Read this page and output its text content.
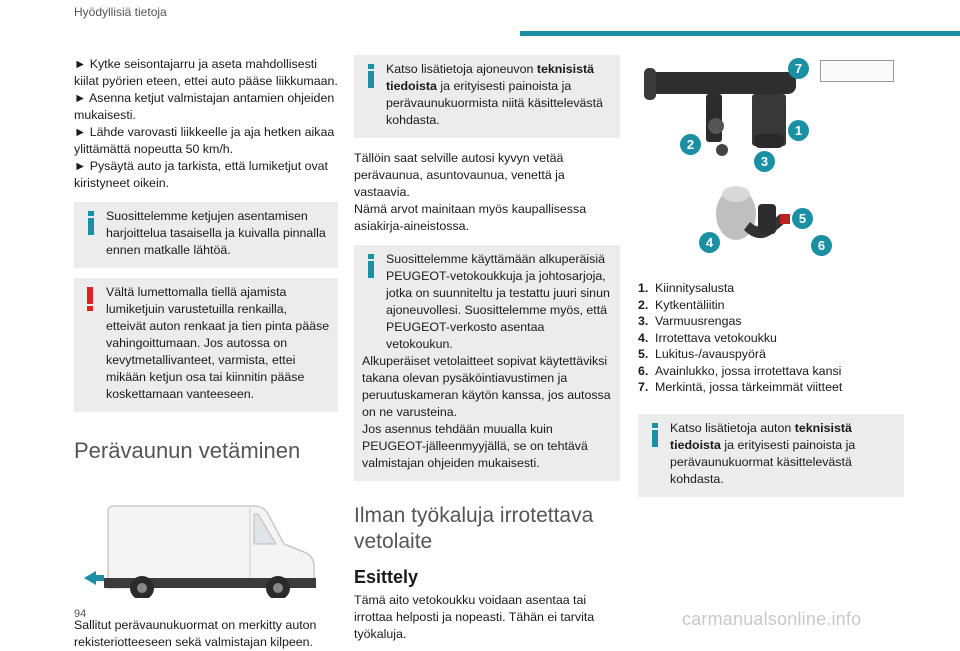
Hyödyllisiä tietoja

► Kytke seisontajarru ja aseta mahdollisesti kiilat pyörien eteen, ettei auto pääse liikkumaan.

► Asenna ketjut valmistajan antamien ohjeiden mukaisesti.

► Lähde varovasti liikkeelle ja aja hetken aikaa ylittämättä nopeutta 50 km/h.

► Pysäytä auto ja tarkista, että lumiketjut ovat kiristyneet oikein.

Suosittelemme ketjujen asentamisen harjoittelua tasaisella ja kuivalla pinnalla ennen matkalle lähtöä.

Vältä lumettomalla tiellä ajamista lumiketjuin varustetuilla renkailla, etteivät auton renkaat ja tien pinta pääse vahingoittumaan. Jos autossa on kevytmetallivanteet, varmista, ettei mikään ketjun osa tai kiinnitin pääse koskettamaan vanteeseen.

Perävaunun vetäminen

Sallitut perävaunukuormat on merkitty auton rekisteriotteeseen sekä valmistajan kilpeen.

Katso lisätietoja ajoneuvon teknisistä tiedoista ja erityisesti painoista ja perävaunukuormista niitä käsittelevästä kohdasta.

Tällöin saat selville autosi kyvyn vetää perävaunua, asuntovaunua, venettä ja vastaavia.

Nämä arvot mainitaan myös kaupallisessa asiakirja-aineistossa.

Suosittelemme käyttämään alkuperäisiä PEUGEOT-vetokoukkuja ja johtosarjoja, jotka on suunniteltu ja testattu juuri sinun ajoneuvollesi. Suosittelemme myös, että PEUGEOT-verkosto asentaa vetokoukun.

Alkuperäiset vetolaitteet sopivat käytettäviksi takana olevan pysäköintiavustimen ja peruutuskameran käytön kanssa, jos autossa on ne varusteina.

Jos asennus tehdään muualla kuin PEUGEOT-jälleenmyyjällä, se on tehtävä valmistajan ohjeiden mukaisesti.

Ilman työkaluja irrotettava vetolaite
Esittely

Tämä aito vetokoukku voidaan asentaa tai irrottaa helposti ja nopeasti. Tähän ei tarvita työkaluja.

7
1
2
3
4
5
6
1. Kiinnitysalusta
2. Kytkentäliitin
3. Varmuusrengas
4. Irrotettava vetokoukku
5. Lukitus-/avauspyörä
6. Avainlukko, jossa irrotettava kansi
7. Merkintä, jossa tärkeimmät viitteet

Katso lisätietoja auton teknisistä tiedoista ja erityisesti painoista ja perävaunukuormat käsittelevästä kohdasta.

94	carmanualsonline.info
